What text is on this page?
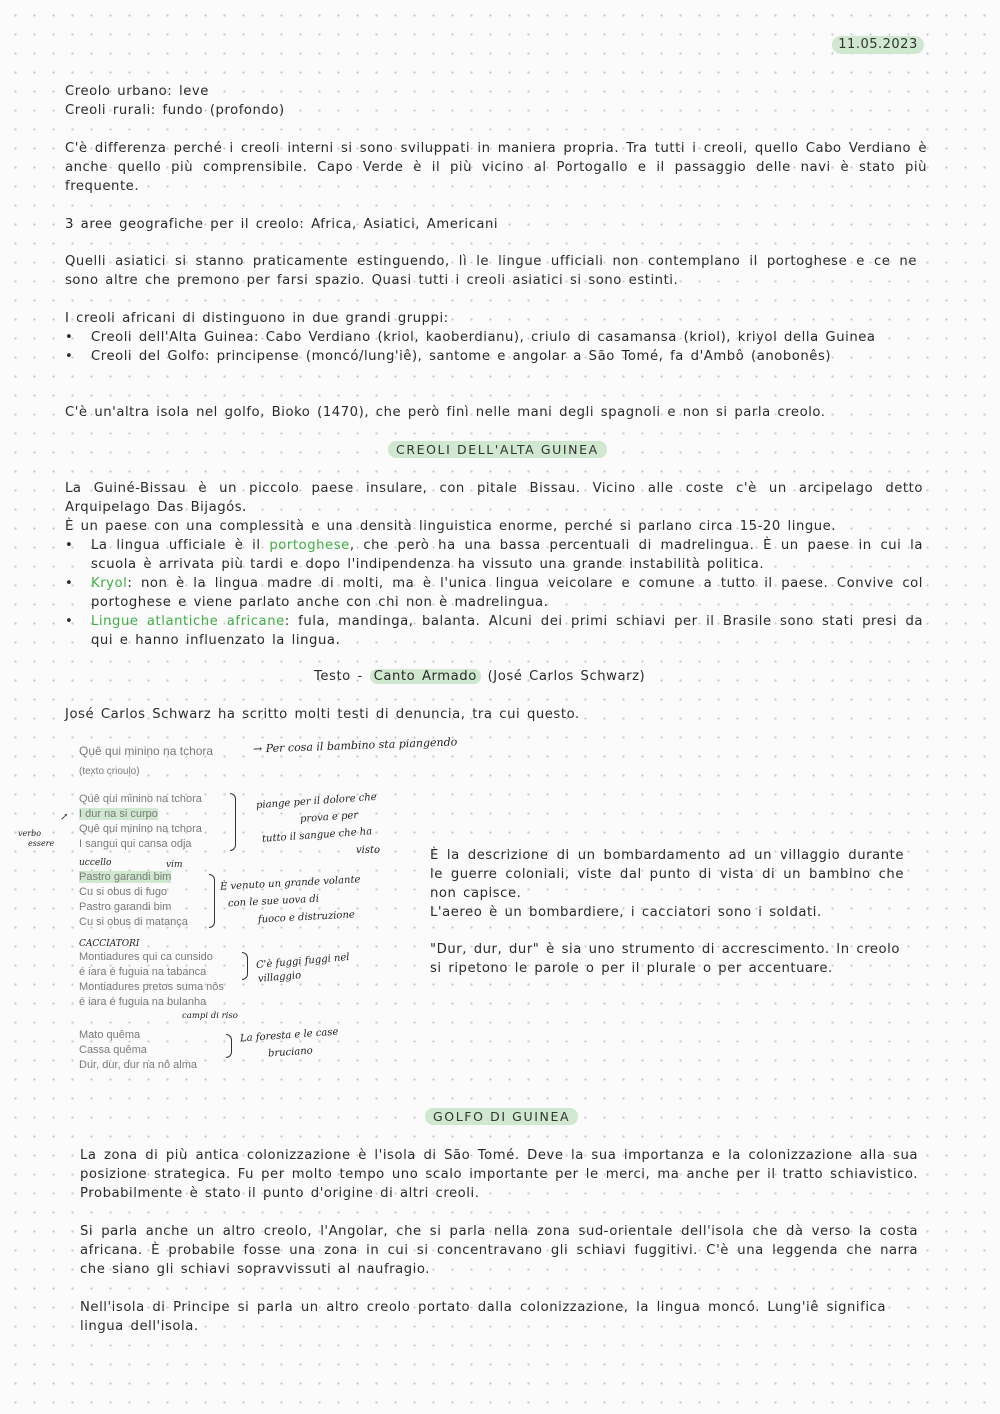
11.05.2023

Creolo urbano: leve

Creoli rurali: fundo (profondo)

C'è differenza perché i creoli interni si sono sviluppati in maniera propria. Tra tutti i creoli, quello Cabo Verdiano è anche quello più comprensibile. Capo Verde è il più vicino al Portogallo e il passaggio delle navi è stato più frequente.

3 aree geografiche per il creolo: Africa, Asiatici, Americani

Quelli asiatici si stanno praticamente estinguendo, lì le lingue ufficiali non contemplano il portoghese e ce ne sono altre che premono per farsi spazio. Quasi tutti i creoli asiatici si sono estinti.

I creoli africani di distinguono in due grandi gruppi:

• Creoli dell'Alta Guinea: Cabo Verdiano (kriol, kaoberdianu), criulo di casamansa (kriol), kriyol della Guinea
• Creoli del Golfo: principense (moncó/lung'iê), santome e angolar a São Tomé, fa d'Ambô (anobonês)

C'è un'altra isola nel golfo, Bioko (1470), che però finì nelle mani degli spagnoli e non si parla creolo.

CREOLI DELL'ALTA GUINEA

La Guiné-Bissau è un piccolo paese insulare, con pitale Bissau. Vicino alle coste c'è un arcipelago detto Arquipelago Das Bijagós.

È un paese con una complessità e una densità linguistica enorme, perché si parlano circa 15-20 lingue.

• La lingua ufficiale è il portoghese, che però ha una bassa percentuali di madrelingua. È un paese in cui la scuola è arrivata più tardi e dopo l'indipendenza ha vissuto una grande instabilità politica.
• Kryol: non è la lingua madre di molti, ma è l'unica lingua veicolare e comune a tutto il paese. Convive col portoghese e viene parlato anche con chi non è madrelingua.
• Lingue atlantiche africane: fula, mandinga, balanta. Alcuni dei primi schiavi per il Brasile sono stati presi da qui e hanno influenzato la lingua.

Testo - Canto Armado (José Carlos Schwarz)

José Carlos Schwarz ha scritto molti testi di denuncia, tra cui questo.

Quê qui minino na tchora
(texto crioulo)
Quê qui minino na tchora
I dur na si curpo
Quê qui minino na tchora
I sangui qui cansa odja
Pastro garandi bim
Cu si obus di fugo
Pastro garandi bim
Cu si obus di matança
Montiadures qui ca cunsido
é iara é fuguia na tabanca
Montiadures pretos suma nôs
é iara é fuguia na bulanha
Mato quêma
Cassa quêma
Dur, dur, dur na nô alma
→ Per cosa il bambino sta piangendo
piange per il dolore che
prova e per
tutto il sangue che ha
visto
verbo
essere
↗
uccello	vim
È venuto un grande volante
con le sue uova di
fuoco e distruzione
CACCIATORI
C'è fuggi fuggi nel
villaggio
campi di riso
La foresta e le case
bruciano

È la descrizione di un bombardamento ad un villaggio durante le guerre coloniali, viste dal punto di vista di un bambino che non capisce.

L'aereo è un bombardiere, i cacciatori sono i soldati.

"Dur, dur, dur" è sia uno strumento di accrescimento. In creolo si ripetono le parole o per il plurale o per accentuare.

GOLFO DI GUINEA

La zona di più antica colonizzazione è l'isola di São Tomé. Deve la sua importanza e la colonizzazione alla sua posizione strategica. Fu per molto tempo uno scalo importante per le merci, ma anche per il tratto schiavistico. Probabilmente è stato il punto d'origine di altri creoli.

Si parla anche un altro creolo, l'Angolar, che si parla nella zona sud-orientale dell'isola che dà verso la costa africana. È probabile fosse una zona in cui si concentravano gli schiavi fuggitivi. C'è una leggenda che narra che siano gli schiavi sopravvissuti al naufragio.

Nell'isola di Principe si parla un altro creolo portato dalla colonizzazione, la lingua moncó. Lung'iê significa lingua dell'isola.
